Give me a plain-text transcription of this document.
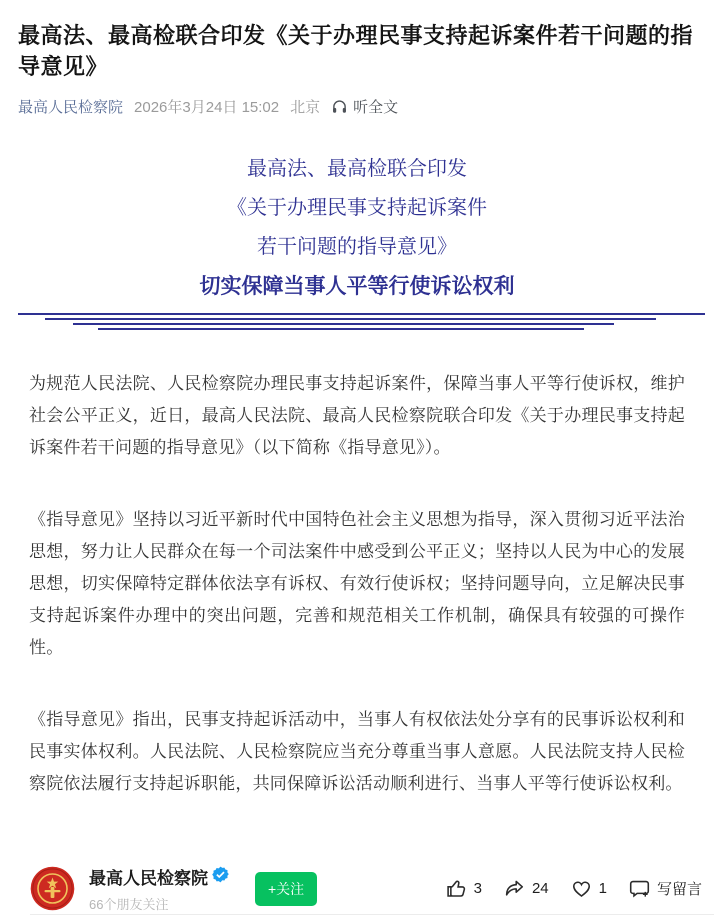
最高法、最高检联合印发《关于办理民事支持起诉案件若干问题的指导意见》
最高人民检察院 2026年3月24日 15:02 北京 听全文
最高法、最高检联合印发
《关于办理民事支持起诉案件
若干问题的指导意见》
切实保障当事人平等行使诉讼权利

为规范人民法院、人民检察院办理民事支持起诉案件，保障当事人平等行使诉权，维护社会公平正义，近日，最高人民法院、最高人民检察院联合印发《关于办理民事支持起诉案件若干问题的指导意见》（以下简称《指导意见》）。

《指导意见》坚持以习近平新时代中国特色社会主义思想为指导，深入贯彻习近平法治思想，努力让人民群众在每一个司法案件中感受到公平正义；坚持以人民为中心的发展思想，切实保障特定群体依法享有诉权、有效行使诉权；坚持问题导向，立足解决民事支持起诉案件办理中的突出问题，完善和规范相关工作机制，确保具有较强的可操作性。

《指导意见》指出，民事支持起诉活动中，当事人有权依法处分享有的民事诉讼权利和民事实体权利。人民法院、人民检察院应当充分尊重当事人意愿。人民法院支持人民检察院依法履行支持起诉职能，共同保障诉讼活动顺利进行、当事人平等行使诉讼权利。

最高人民检察院
66个朋友关注
+关注	3	24	1	写留言
